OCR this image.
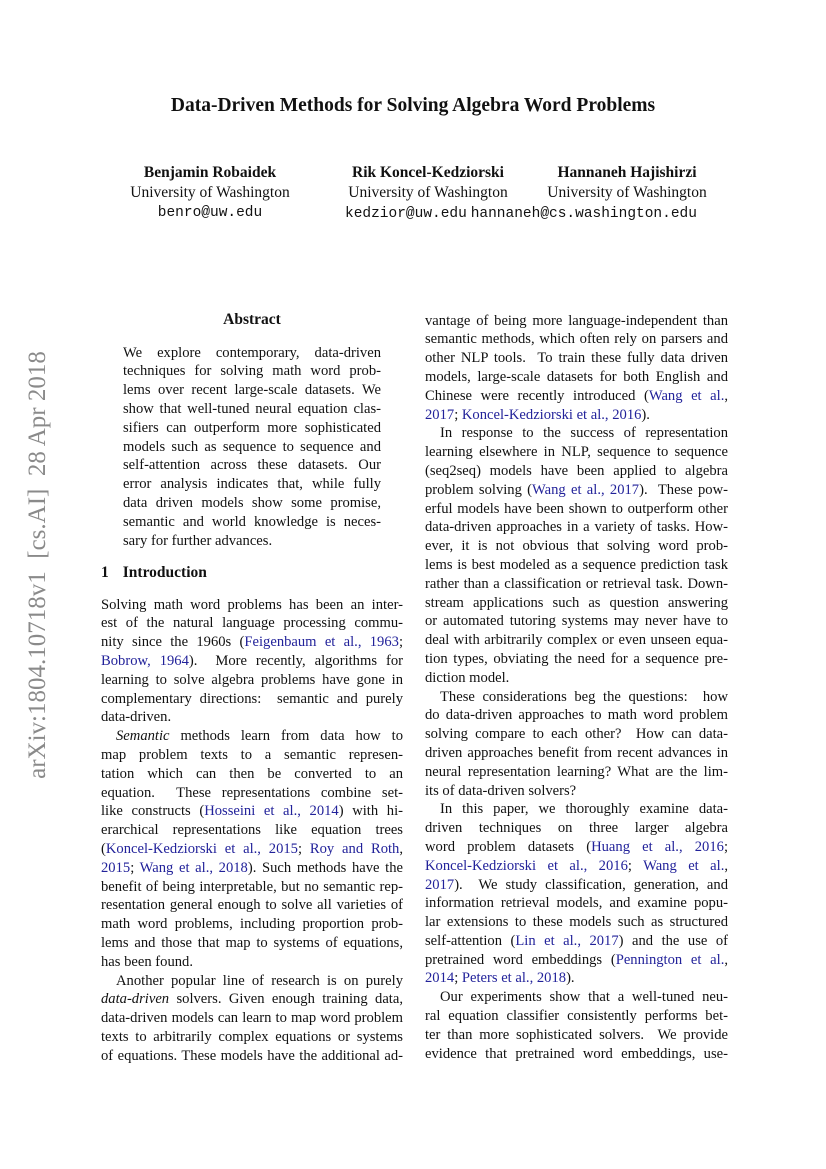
arXiv:1804.10718v1  [cs.AI]  28 Apr 2018
Data-Driven Methods for Solving Algebra Word Problems
Benjamin Robaidek
University of Washington
benro@uw.edu
Rik Koncel-Kedziorski
University of Washington
Hannaneh Hajishirzi
University of Washington
kedzior@uw.edu hannaneh@cs.washington.edu
Abstract
We explore contemporary, data-driven
techniques for solving math word prob-
lems over recent large-scale datasets. We
show that well-tuned neural equation clas-
sifiers can outperform more sophisticated
models such as sequence to sequence and
self-attention across these datasets. Our
error analysis indicates that, while fully
data driven models show some promise,
semantic and world knowledge is neces-
sary for further advances.
1 Introduction
Solving math word problems has been an inter-
est of the natural language processing commu-
nity since the 1960s (Feigenbaum et al., 1963;
Bobrow, 1964).  More recently, algorithms for
learning to solve algebra problems have gone in
complementary directions:  semantic and purely
data-driven.
Semantic methods learn from data how to
map problem texts to a semantic represen-
tation which can then be converted to an
equation.  These representations combine set-
like constructs (Hosseini et al., 2014) with hi-
erarchical representations like equation trees
(Koncel-Kedziorski et al., 2015; Roy and Roth,
2015; Wang et al., 2018). Such methods have the
benefit of being interpretable, but no semantic rep-
resentation general enough to solve all varieties of
math word problems, including proportion prob-
lems and those that map to systems of equations,
has been found.
Another popular line of research is on purely
data-driven solvers. Given enough training data,
data-driven models can learn to map word problem
texts to arbitrarily complex equations or systems
of equations. These models have the additional ad-
vantage of being more language-independent than
semantic methods, which often rely on parsers and
other NLP tools.  To train these fully data driven
models, large-scale datasets for both English and
Chinese were recently introduced (Wang et al.,
2017; Koncel-Kedziorski et al., 2016).
In response to the success of representation
learning elsewhere in NLP, sequence to sequence
(seq2seq) models have been applied to algebra
problem solving (Wang et al., 2017).  These pow-
erful models have been shown to outperform other
data-driven approaches in a variety of tasks. How-
ever, it is not obvious that solving word prob-
lems is best modeled as a sequence prediction task
rather than a classification or retrieval task. Down-
stream applications such as question answering
or automated tutoring systems may never have to
deal with arbitrarily complex or even unseen equa-
tion types, obviating the need for a sequence pre-
diction model.
These considerations beg the questions:  how
do data-driven approaches to math word problem
solving compare to each other?  How can data-
driven approaches benefit from recent advances in
neural representation learning? What are the lim-
its of data-driven solvers?
In this paper, we thoroughly examine data-
driven techniques on three larger algebra
word problem datasets (Huang et al., 2016;
Koncel-Kedziorski et al., 2016; Wang et al.,
2017).  We study classification, generation, and
information retrieval models, and examine popu-
lar extensions to these models such as structured
self-attention (Lin et al., 2017) and the use of
pretrained word embeddings (Pennington et al.,
2014; Peters et al., 2018).
Our experiments show that a well-tuned neu-
ral equation classifier consistently performs bet-
ter than more sophisticated solvers.  We provide
evidence that pretrained word embeddings, use-
